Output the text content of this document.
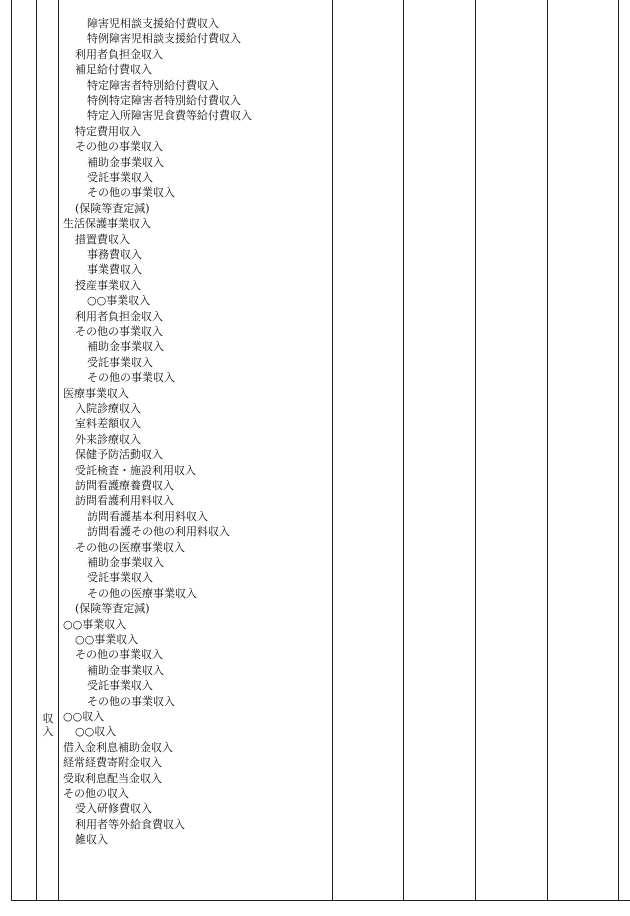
収
入
障害児相談支援給付費収入
特例障害児相談支援給付費収入
利用者負担金収入
補足給付費収入
特定障害者特別給付費収入
特例特定障害者特別給付費収入
特定入所障害児食費等給付費収入
特定費用収入
その他の事業収入
補助金事業収入
受託事業収入
その他の事業収入
(保険等査定減)
生活保護事業収入
措置費収入
事務費収入
事業費収入
授産事業収入
○○事業収入
利用者負担金収入
その他の事業収入
補助金事業収入
受託事業収入
その他の事業収入
医療事業収入
入院診療収入
室料差額収入
外来診療収入
保健予防活動収入
受託検査・施設利用収入
訪問看護療養費収入
訪問看護利用料収入
訪問看護基本利用料収入
訪問看護その他の利用料収入
その他の医療事業収入
補助金事業収入
受託事業収入
その他の医療事業収入
(保険等査定減)
○○事業収入
○○事業収入
その他の事業収入
補助金事業収入
受託事業収入
その他の事業収入
○○収入
○○収入
借入金利息補助金収入
経常経費寄附金収入
受取利息配当金収入
その他の収入
受入研修費収入
利用者等外給食費収入
雑収入
